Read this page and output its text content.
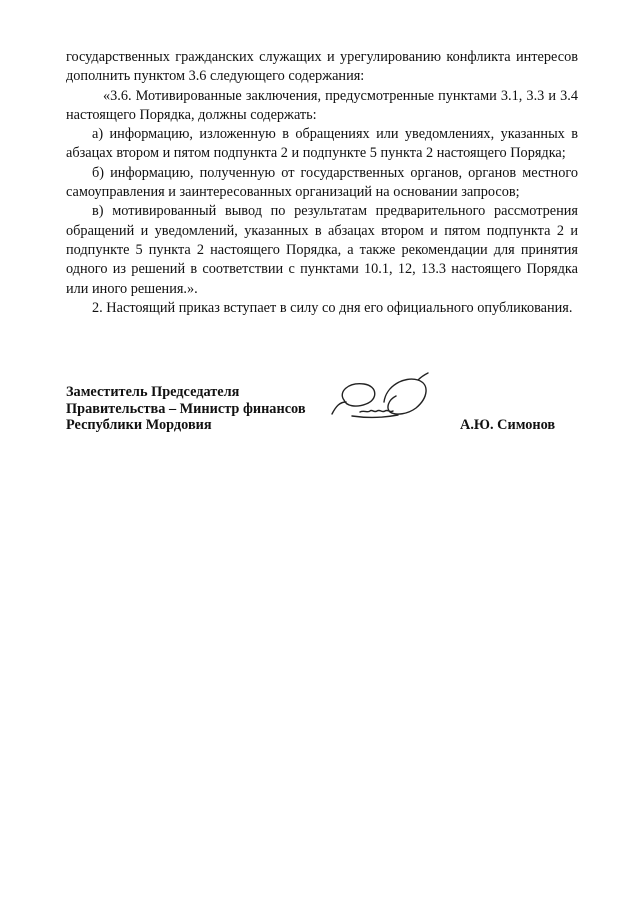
государственных гражданских служащих и урегулированию конфликта интересов дополнить пунктом 3.6 следующего содержания:

«3.6. Мотивированные заключения, предусмотренные пунктами 3.1, 3.3 и 3.4 настоящего Порядка, должны содержать:

а) информацию, изложенную в обращениях или уведомлениях, указанных в абзацах втором и пятом подпункта 2 и подпункте 5 пункта 2 настоящего Порядка;

б) информацию, полученную от государственных органов, органов местного самоуправления и заинтересованных организаций на основании запросов;

в) мотивированный вывод по результатам предварительного рассмотрения обращений и уведомлений, указанных в абзацах втором и пятом подпункта 2 и подпункте 5 пункта 2 настоящего Порядка, а также рекомендации для принятия одного из решений в соответствии с пунктами 10.1, 12, 13.3 настоящего Порядка или иного решения.».

2. Настоящий приказ вступает в силу со дня его официального опубликования.

Заместитель Председателя
Правительства – Министр финансов
Республики Мордовия	А.Ю. Симонов
